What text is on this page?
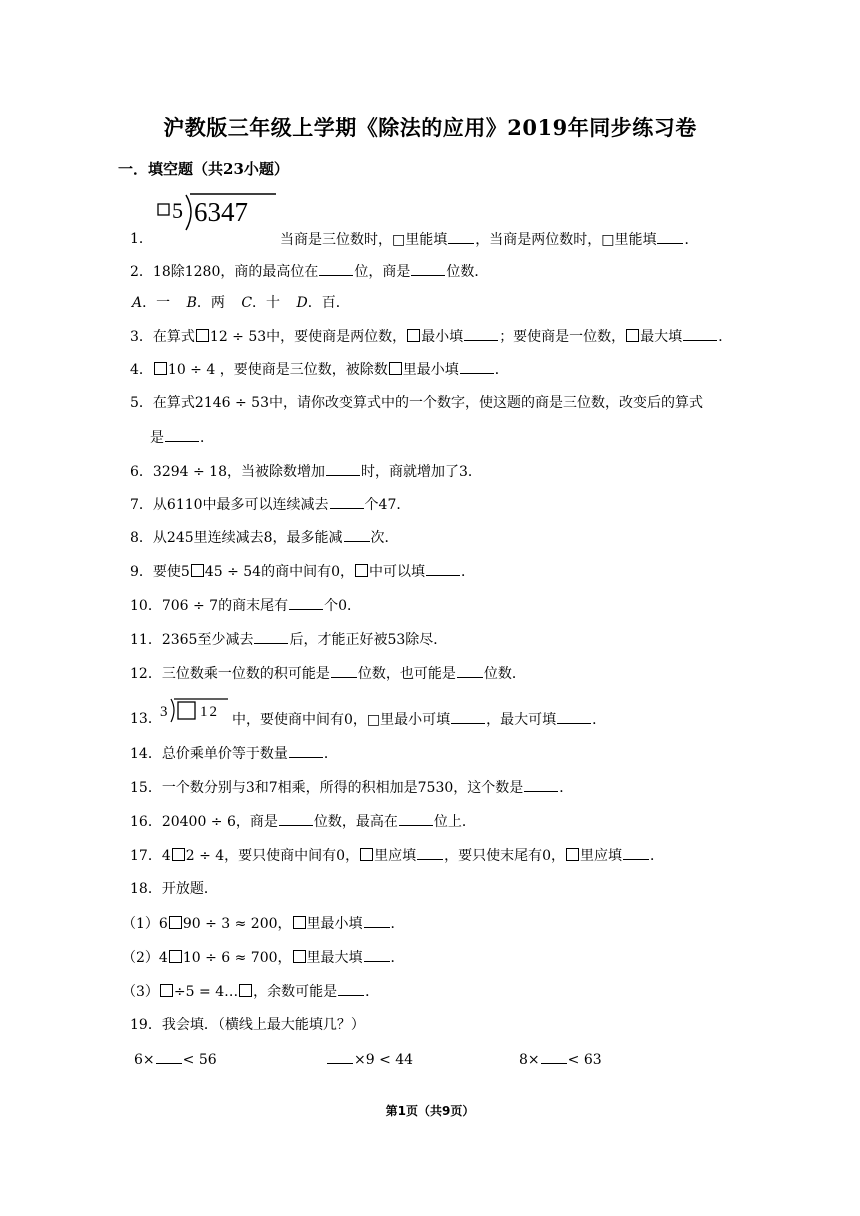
沪教版三年级上学期《除法的应用》2019年同步练习卷
一．填空题（共23小题）
5 6347
1．	当商是三位数时，□里能填 ，当商是两位数时，□里能填 ．
2．18除1280，商的最高位在	位，商是	位数．
A．一 B．两 C．十 D．百．
3．在算式 12 ÷ 53中，要使商是两位数， 最小填	；要使商是一位数， 最大填	．
4． 10 ÷ 4 ，要使商是三位数，被除数 里最小填	．
5．在算式2146 ÷ 53中，请你改变算式中的一个数字，使这题的商是三位数，改变后的算式
是	．
6．3294 ÷ 18，当被除数增加	时，商就增加了3．
7．从6110中最多可以连续减去	个47．
8．从245里连续减去8，最多能减 次．
9．要使5 45 ÷ 54的商中间有0， 中可以填	．
10．706 ÷ 7的商末尾有	个0．
11．2365至少减去	后，才能正好被53除尽．
12．三位数乘一位数的积可能是 位数，也可能是 位数．
13．
3 12 中，要使商中间有0，□里最小可填	，最大可填	．
14．总价乘单价等于数量	．
15．一个数分别与3和7相乘，所得的积相加是7530，这个数是	．
16．20400 ÷ 6，商是	位数，最高在	位上．
17．4 2 ÷ 4，要只使商中间有0， 里应填 ，要只使末尾有0， 里应填 ．
18．开放题．
（1）6 90 ÷ 3 ≈ 200， 里最小填 ．
（2）4 10 ÷ 6 ≈ 700， 里最大填 ．
（3） ÷5 = 4… ，余数可能是 ．
19．我会填．（横线上最大能填几？）
6× < 56	×9 < 44	8× < 63
第1页（共9页）
